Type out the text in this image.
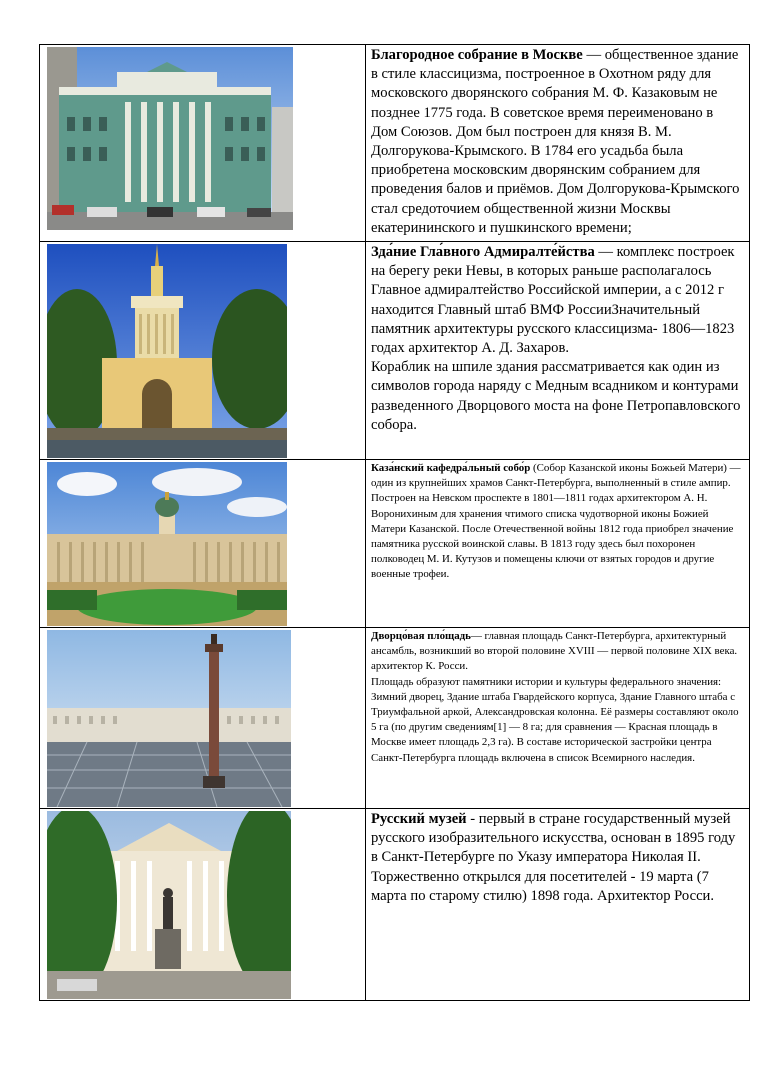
Благородное собрание в Москве — общественное здание в стиле классицизма, построенное в Охотном ряду для московского дворянского собрания М. Ф. Казаковым не позднее 1775 года. В советское время переименовано в Дом Союзов. Дом был построен для князя В. М. Долгорукова-Крымского. В 1784 его усадьба была приобретена московским дворянским собранием для проведения балов и приёмов. Дом Долгорукова-Крымского стал средоточием общественной жизни Москвы екатерининского и пушкинского времени;

Зда́ние Гла́вного Адмиралте́йства — комплекс построек на берегу реки Невы, в которых раньше располагалось Главное адмиралтейство Российской империи, а с 2012 г находится Главный штаб ВМФ РоссииЗначительный памятник архитектуры русского классицизма- 1806—1823 годах архитектор А. Д. Захаров.

Кораблик на шпиле здания рассматривается как один из символов города наряду с Медным всадником и контурами разведенного Дворцового моста на фоне Петропавловского собора.

Каза́нский кафедра́льный собо́р (Собор Казанской иконы Божьей Матери) — один из крупнейших храмов Санкт-Петербурга, выполненный в стиле ампир. Построен на Невском проспекте в 1801—1811 годах архитектором А. Н. Воронихиным для хранения чтимого списка чудотворной иконы Божией Матери Казанской. После Отечественной войны 1812 года приобрел значение памятника русской воинской славы. В 1813 году здесь был похоронен полководец М. И. Кутузов и помещены ключи от взятых городов и другие военные трофеи.

Дворцо́вая пло́щадь— главная площадь Санкт-Петербурга, архитектурный ансамбль, возникший во второй половине XVIII — первой половине XIX века. архитектор К. Росси.

Площадь образуют памятники истории и культуры федерального значения: Зимний дворец, Здание штаба Гвардейского корпуса, Здание Главного штаба с Триумфальной аркой, Александровская колонна. Её размеры составляют около 5 га (по другим сведениям[1] — 8 га; для сравнения — Красная площадь в Москве имеет площадь 2,3 га). В составе исторической застройки центра Санкт-Петербурга площадь включена в список Всемирного наследия.

Русский музей - первый в стране государственный музей русского изобразительного искусства, основан в 1895 году в Санкт-Петербурге по Указу императора Николая II. Торжественно открылся для посетителей - 19 марта (7 марта по старому стилю) 1898 года. Архитектор Росси.
